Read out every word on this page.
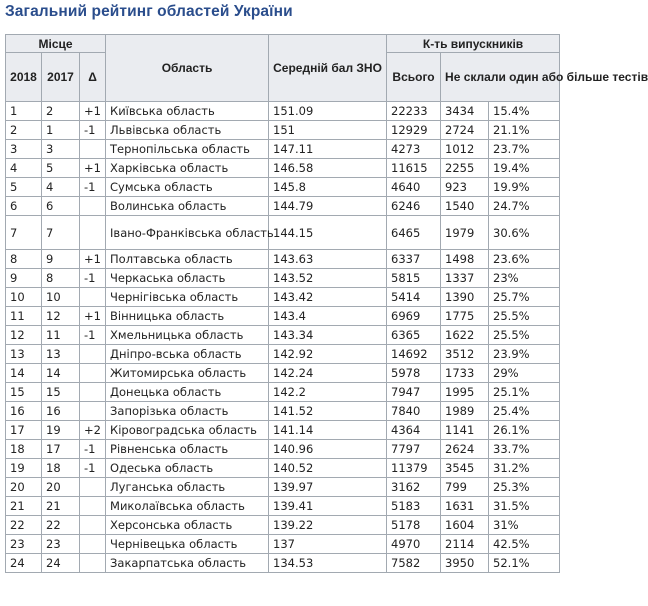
Загальний рейтинг областей України
Місце			Область	Середній бал ЗНО	К-ть випускників		
2018	2017	Δ			Всього	Не склали один або більше тестів	
1	2	+1	Київська область	151.09	22233	3434	15.4%
2	1	-1	Львівська область	151	12929	2724	21.1%
3	3		Тернопільська область	147.11	4273	1012	23.7%
4	5	+1	Харківська область	146.58	11615	2255	19.4%
5	4	-1	Сумська область	145.8	4640	923	19.9%
6	6		Волинська область	144.79	6246	1540	24.7%
7	7		Івано-Франківська область	144.15	6465	1979	30.6%
8	9	+1	Полтавська область	143.63	6337	1498	23.6%
9	8	-1	Черкаська область	143.52	5815	1337	23%
10	10		Чернігівська область	143.42	5414	1390	25.7%
11	12	+1	Вінницька область	143.4	6969	1775	25.5%
12	11	-1	Хмельницька область	143.34	6365	1622	25.5%
13	13		Дніпро-вська область	142.92	14692	3512	23.9%
14	14		Житомирська область	142.24	5978	1733	29%
15	15		Донецька область	142.2	7947	1995	25.1%
16	16		Запорізька область	141.52	7840	1989	25.4%
17	19	+2	Кіровоградська область	141.14	4364	1141	26.1%
18	17	-1	Рівненська область	140.96	7797	2624	33.7%
19	18	-1	Одеська область	140.52	11379	3545	31.2%
20	20		Луганська область	139.97	3162	799	25.3%
21	21		Миколаївська область	139.41	5183	1631	31.5%
22	22		Херсонська область	139.22	5178	1604	31%
23	23		Чернівецька область	137	4970	2114	42.5%
24	24		Закарпатська область	134.53	7582	3950	52.1%
